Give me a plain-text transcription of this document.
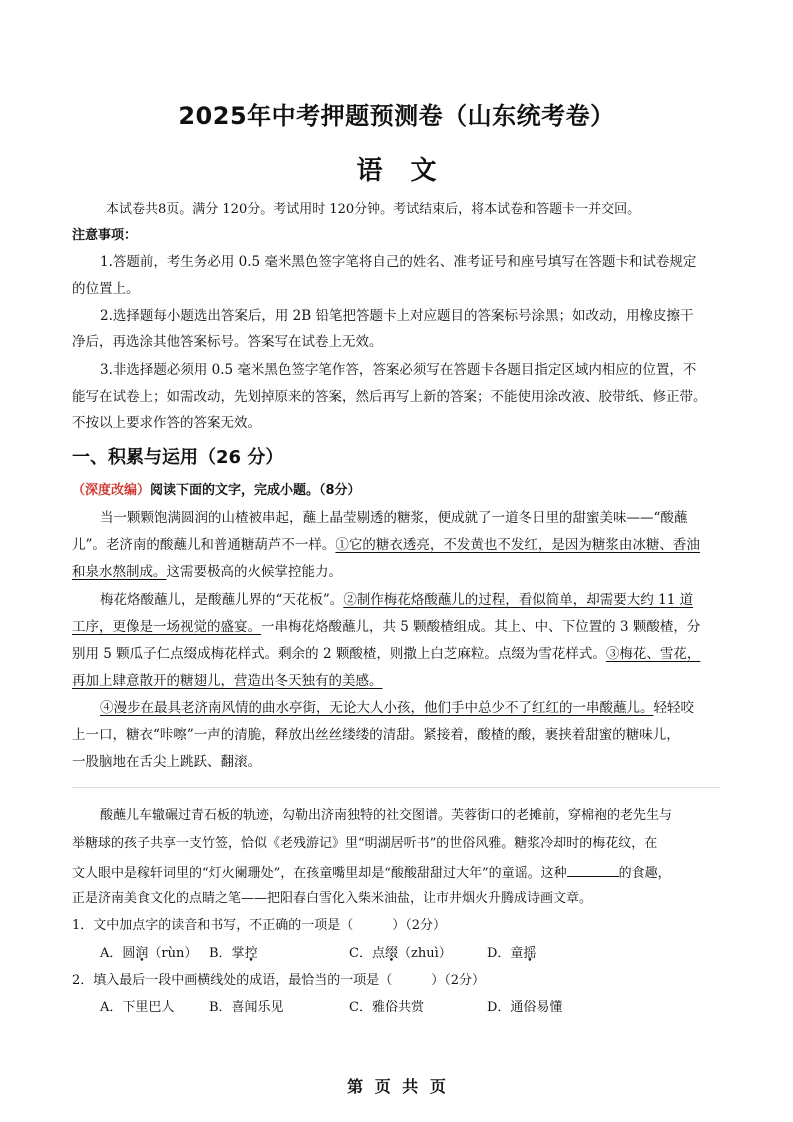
2025年中考押题预测卷（山东统考卷）
语文
本试卷共8页。满分 120分。考试用时 120分钟。考试结束后，将本试卷和答题卡一并交回。
注意事项：
1.答题前，考生务必用 0.5 毫米黑色签字笔将自己的姓名、准考证号和座号填写在答题卡和试卷规定
的位置上。
2.选择题每小题选出答案后，用 2B 铅笔把答题卡上对应题目的答案标号涂黑；如改动，用橡皮擦干
净后，再选涂其他答案标号。答案写在试卷上无效。
3.非选择题必须用 0.5 毫米黑色签字笔作答，答案必须写在答题卡各题目指定区域内相应的位置，不
能写在试卷上；如需改动，先划掉原来的答案，然后再写上新的答案；不能使用涂改液、胶带纸、修正带。
不按以上要求作答的答案无效。
一、积累与运用（26 分）
（深度改编）阅读下面的文字，完成小题。（8分）
当一颗颗饱满圆润的山楂被串起，蘸上晶莹剔透的糖浆，便成就了一道冬日里的甜蜜美味——“酸蘸
儿”。老济南的酸蘸儿和普通糖葫芦不一样。①它的糖衣透亮，不发黄也不发红，是因为糖浆由冰糖、香油
和泉水熬制成。这需要极高的火候掌控能力。
梅花烙酸蘸儿，是酸蘸儿界的“天花板”。②制作梅花烙酸蘸儿的过程，看似简单，却需要大约 11 道
工序，更像是一场视觉的盛宴。一串梅花烙酸蘸儿，共 5 颗酸楂组成。其上、中、下位置的 3 颗酸楂，分
别用 5 颗瓜子仁点缀成梅花样式。剩余的 2 颗酸楂，则撒上白芝麻粒。点缀为雪花样式。③梅花、雪花，
再加上肆意散开的糖翅儿，营造出冬天独有的美感。
④漫步在最具老济南风情的曲水亭街，无论大人小孩，他们手中总少不了红红的一串酸蘸儿。轻轻咬
上一口，糖衣“咔嚓”一声的清脆，释放出丝丝缕缕的清甜。紧接着，酸楂的酸，裹挟着甜蜜的糖味儿，
一股脑地在舌尖上跳跃、翻滚。
酸蘸儿车辙碾过青石板的轨迹，勾勒出济南独特的社交图谱。芙蓉街口的老摊前，穿棉袍的老先生与
举糖球的孩子共享一支竹签，恰似《老残游记》里“明湖居听书”的世俗风雅。糖浆冷却时的梅花纹，在
文人眼中是稼轩词里的“灯火阑珊处”，在孩童嘴里却是“酸酸甜甜过大年”的童谣。这种	的食趣，
正是济南美食文化的点睛之笔——把阳春白雪化入柴米油盐，让市井烟火升腾成诗画文章。
1．文中加点字的读音和书写，不正确的一项是（　　　）（2分）
A．圆润（rùn） B．掌控	C．点缀（zhuì）	D．童摇
2．填入最后一段中画横线处的成语，最恰当的一项是（　　　）（2分）
A．下里巴人	B．喜闻乐见	C．雅俗共赏	D．通俗易懂
第 页 共 页
